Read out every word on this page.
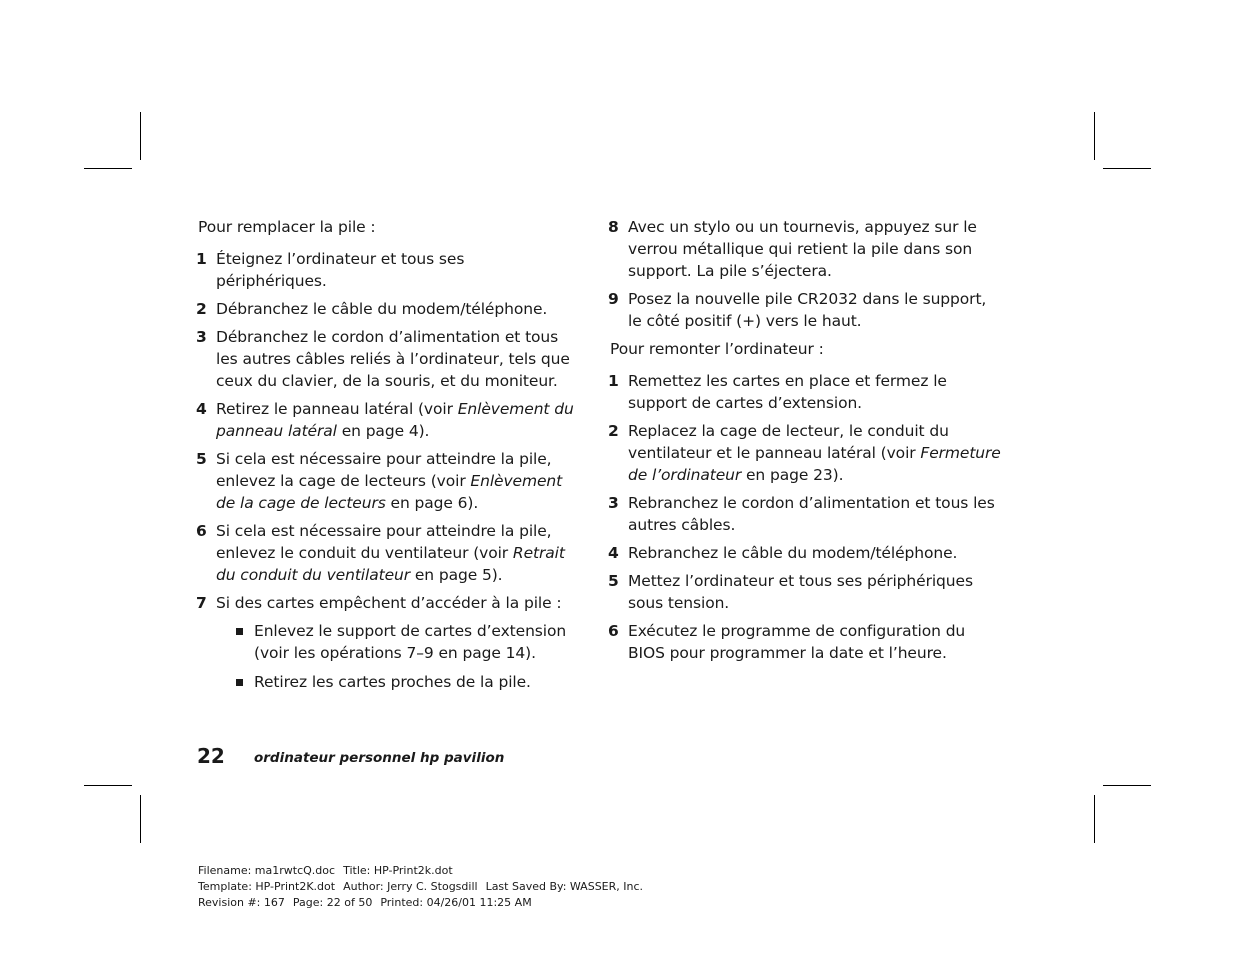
Pour remplacer la pile :

1 Éteignez l’ordinateur et tous ses périphériques.
2 Débranchez le câble du modem/téléphone.
3 Débranchez le cordon d’alimentation et tous les autres câbles reliés à l’ordinateur, tels que ceux du clavier, de la souris, et du moniteur.
4 Retirez le panneau latéral (voir Enlèvement du panneau latéral en page 4).
5 Si cela est nécessaire pour atteindre la pile, enlevez la cage de lecteurs (voir Enlèvement de la cage de lecteurs en page 6).
6 Si cela est nécessaire pour atteindre la pile, enlevez le conduit du ventilateur (voir Retrait du conduit du ventilateur en page 5).
7 Si des cartes empêchent d’accéder à la pile :
Enlevez le support de cartes d’extension (voir les opérations 7–9 en page 14).
Retirez les cartes proches de la pile.
8 Avec un stylo ou un tournevis, appuyez sur le verrou métallique qui retient la pile dans son support. La pile s’éjectera.
9 Posez la nouvelle pile CR2032 dans le support, le côté positif (+) vers le haut.

Pour remonter l’ordinateur :

1 Remettez les cartes en place et fermez le support de cartes d’extension.
2 Replacez la cage de lecteur, le conduit du ventilateur et le panneau latéral (voir Fermeture de l’ordinateur en page 23).
3 Rebranchez le cordon d’alimentation et tous les autres câbles.
4 Rebranchez le câble du modem/téléphone.
5 Mettez l’ordinateur et tous ses périphériques sous tension.
6 Exécutez le programme de configuration du BIOS pour programmer la date et l’heure.
22 ordinateur personnel hp pavilion
Filename: ma1rwtcQ.doc Title: HP-Print2k.dot
Template: HP-Print2K.dot Author: Jerry C. Stogsdill Last Saved By: WASSER, Inc.
Revision #: 167 Page: 22 of 50 Printed: 04/26/01 11:25 AM
